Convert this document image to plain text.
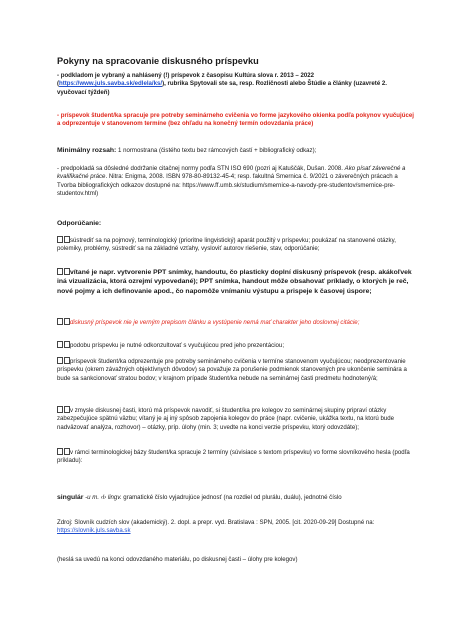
Pokyny na spracovanie diskusného príspevku
- podkladom je vybraný a nahlásený (!) príspevok z časopisu Kultúra slova r. 2013 – 2022 (https://www.juls.savba.sk/edlela/ks/), rubrika Spytovali ste sa, resp. Rozličnosti alebo Štúdie a články (uzavreté 2. vyučovací týždeň)
- príspevok študent/ka spracuje pre potreby seminárneho cvičenia vo forme jazykového okienka podľa pokynov vyučujúcej a odprezentuje v stanovenom termíne (bez ohľadu na konečný termín odovzdania práce)
Minimálny rozsah: 1 normostrana (čistého textu bez rámcových častí + bibliografický odkaz);
- predpokladá sa dôsledné dodržanie citačnej normy podľa STN ISO 690 (pozri aj Katuščák, Dušan. 2008. Ako písať záverečné a kvalifikačné práce. Nitra: Enigma, 2008. ISBN 978-80-89132-45-4; resp. fakultná Smernica č. 9/2021 o záverečných prácach a Tvorba bibliografických odkazov dostupné na: https://www.ff.umb.sk/studium/smernice-a-navody-pre-studentov/smernice-pre-studentov.html)
Odporúčanie:
sústrediť sa na pojmový, terminologický (prioritne lingvistický) aparát použitý v príspevku; poukázať na stanovené otázky, polemiky, problémy, sústrediť sa na základné vzťahy, vysloviť autorov riešenie, stav, odporúčanie;
vítané je napr. vytvorenie PPT snímky, handoutu, čo plasticky doplní diskusný príspevok (resp. akákoľvek iná vizualizácia, ktorá ozrejmí vypovedané); PPT snímka, handout môže obsahovať príklady, o ktorých je reč, nové pojmy a ich definovanie apod., čo napomôže vnímaniu výstupu a prispeje k časovej úspore;
diskusný príspevok nie je verným prepisom článku a vystúpenie nemá mať charakter jeho doslovnej citácie;
podobu príspevku je nutné odkonzultovať s vyučujúcou pred jeho prezentáciou;
príspevok študent/ka odprezentuje pre potreby seminárneho cvičenia v termíne stanovenom vyučujúcou; neodprezentovanie príspevku (okrem závažných objektívnych dôvodov) sa považuje za porušenie podmienok stanovených pre ukončenie seminára a bude sa sankcionovať stratou bodov; v krajnom prípade študent/ka nebude na seminárnej časti predmetu hodnotený/á;
v zmysle diskusnej časti, ktorú má príspevok navodiť, si študent/ka pre kolegov zo seminárnej skupiny pripraví otázky zabezpečujúce spätnú väzbu; vítaný je aj iný spôsob zapojenia kolegov do práce (napr. cvičenie, ukážka textu, na ktorú bude nadväzovať analýza, rozhovor) – otázky, príp. úlohy (min. 3; uvedte na konci verzie príspevku, ktorý odovzdáte);
v rámci terminologickej bázy študent/ka spracuje 2 termíny (súvisiace s textom príspevku) vo forme slovníkového hesla (podľa príkladu):
singulár -u m. ‹l› lingv. gramatické číslo vyjadrujúce jednosť (na rozdiel od plurálu, duálu), jednotné číslo
Zdroj: Slovník cudzích slov (akademický). 2. dopl. a prepr. vyd. Bratislava : SPN, 2005. [cit. 2020-09-29] Dostupné na: https://slovnik.juls.savba.sk
(heslá sa uvedú na konci odovzdaného materiálu, po diskusnej časti – úlohy pre kolegov)
